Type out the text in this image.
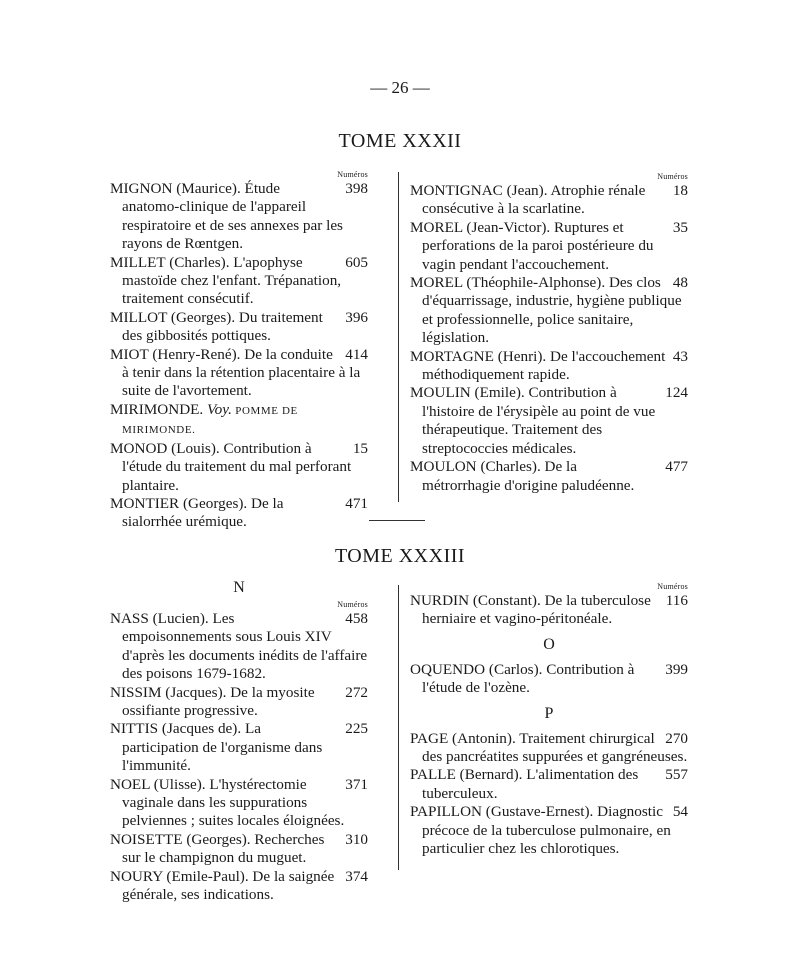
— 26 —
TOME XXXII
Numéros

398
MIGNON (Maurice). Étude anatomo-clinique de l'appareil respiratoire et de ses annexes par les rayons de Rœntgen.

605
MILLET (Charles). L'apophyse mastoïde chez l'enfant. Trépanation, traitement consécutif.

396
MILLOT (Georges). Du traitement des gibbosités pottiques.

414
MIOT (Henry-René). De la conduite à tenir dans la rétention placentaire à la suite de l'avortement.

MIRIMONDE. Voy. POMME DE MIRIMONDE.

15
MONOD (Louis). Contribution à l'étude du traitement du mal perforant plantaire.

471
MONTIER (Georges). De la sialorrhée urémique.

Numéros

18
MONTIGNAC (Jean). Atrophie rénale consécutive à la scarlatine.

35
MOREL (Jean-Victor). Ruptures et perforations de la paroi postérieure du vagin pendant l'accouchement.

48
MOREL (Théophile-Alphonse). Des clos d'équarrissage, industrie, hygiène publique et professionnelle, police sanitaire, législation.

43
MORTAGNE (Henri). De l'accouchement méthodiquement rapide.

124
MOULIN (Emile). Contribution à l'histoire de l'érysipèle au point de vue thérapeutique. Traitement des streptococcies médicales.

477
MOULON (Charles). De la métrorrhagie d'origine paludéenne.

TOME XXXIII
N
Numéros

458
NASS (Lucien). Les empoisonnements sous Louis XIV d'après les documents inédits de l'affaire des poisons 1679-1682.

272
NISSIM (Jacques). De la myosite ossifiante progressive.

225
NITTIS (Jacques de). La participation de l'organisme dans l'immunité.

371
NOEL (Ulisse). L'hystérectomie vaginale dans les suppurations pelviennes ; suites locales éloignées.

310
NOISETTE (Georges). Recherches sur le champignon du muguet.

374
NOURY (Emile-Paul). De la saignée générale, ses indications.

Numéros

116
NURDIN (Constant). De la tuberculose herniaire et vagino-péritonéale.

O

399
OQUENDO (Carlos). Contribution à l'étude de l'ozène.

P

270
PAGE (Antonin). Traitement chirurgical des pancréatites suppurées et gangréneuses.

557
PALLE (Bernard). L'alimentation des tuberculeux.

54
PAPILLON (Gustave-Ernest). Diagnostic précoce de la tuberculose pulmonaire, en particulier chez les chlorotiques.
